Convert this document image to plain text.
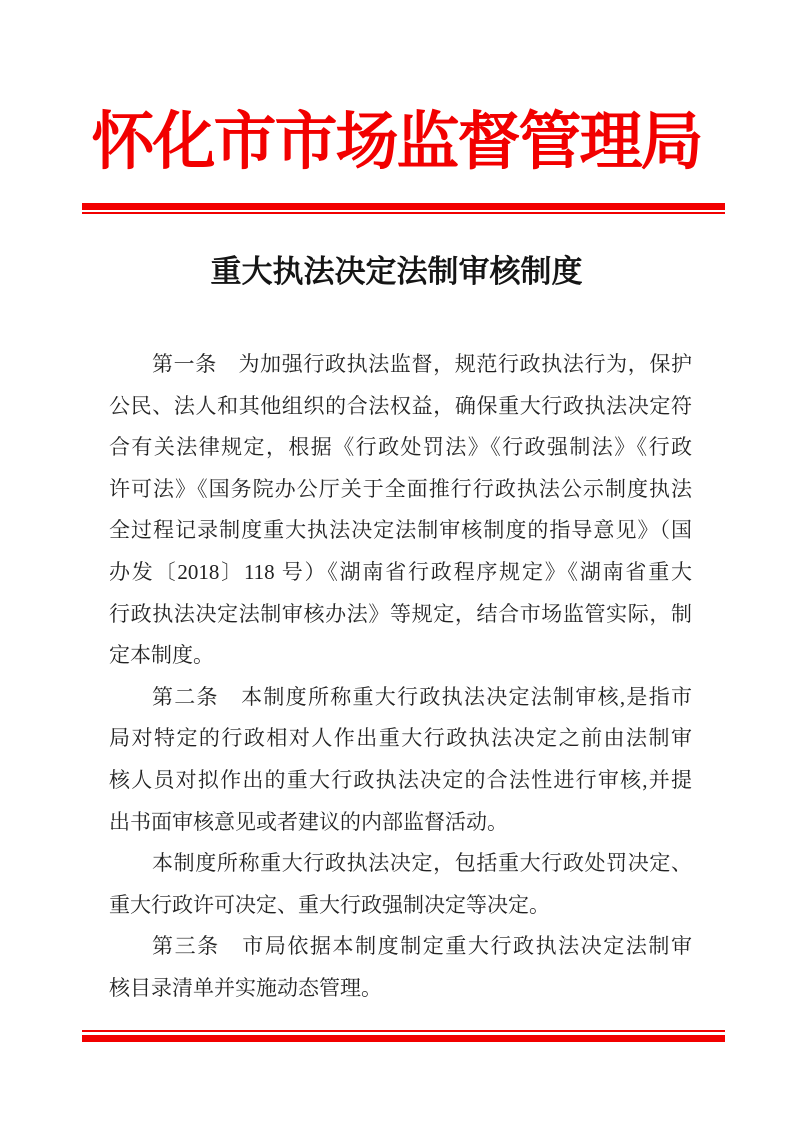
怀化市市场监督管理局
重大执法决定法制审核制度
第一条　为加强行政执法监督，规范行政执法行为，保护
公民、法人和其他组织的合法权益，确保重大行政执法决定符
合有关法律规定，根据《行政处罚法》《行政强制法》《行政
许可法》《国务院办公厅关于全面推行行政执法公示制度执法
全过程记录制度重大执法决定法制审核制度的指导意见》（国
办发〔2018〕118 号）《湖南省行政程序规定》《湖南省重大
行政执法决定法制审核办法》等规定，结合市场监管实际，制
定本制度。
第二条　本制度所称重大行政执法决定法制审核,是指市
局对特定的行政相对人作出重大行政执法决定之前由法制审
核人员对拟作出的重大行政执法决定的合法性进行审核,并提
出书面审核意见或者建议的内部监督活动。
本制度所称重大行政执法决定，包括重大行政处罚决定、
重大行政许可决定、重大行政强制决定等决定。
第三条　市局依据本制度制定重大行政执法决定法制审
核目录清单并实施动态管理。
